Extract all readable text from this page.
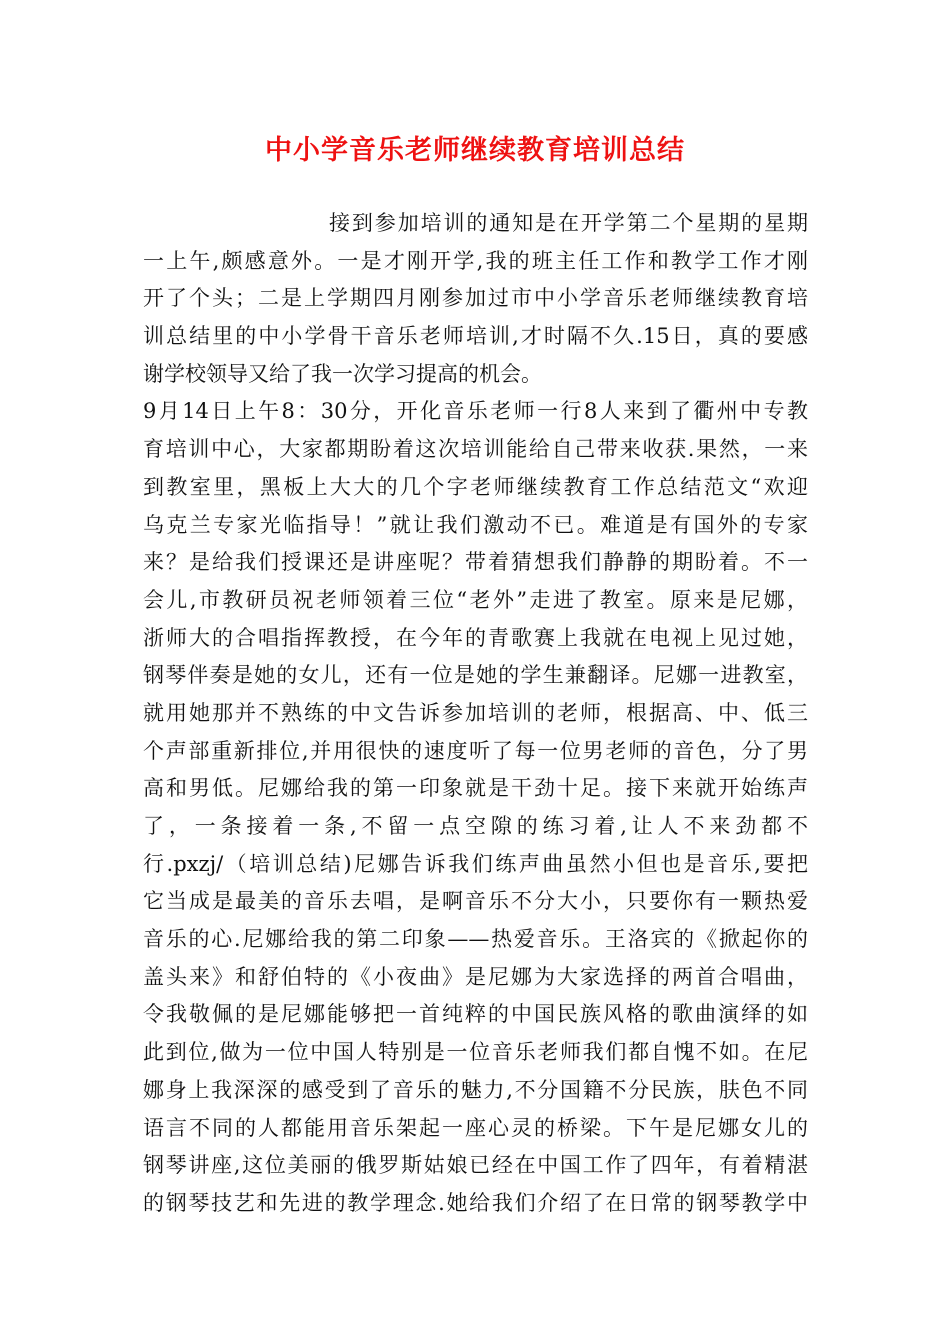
中小学音乐老师继续教育培训总结
接到参加培训的通知是在开学第二个星期的星期
一上午,颇感意外。一是才刚开学,我的班主任工作和教学工作才刚
开了个头；二是上学期四月刚参加过市中小学音乐老师继续教育培
训总结里的中小学骨干音乐老师培训,才时隔不久.15日，真的要感
谢学校领导又给了我一次学习提高的机会。
9月14日上午8：30分，开化音乐老师一行8人来到了衢州中专教
育培训中心，大家都期盼着这次培训能给自己带来收获.果然，一来
到教室里，黑板上大大的几个字老师继续教育工作总结范文“欢迎
乌克兰专家光临指导！”就让我们激动不已。难道是有国外的专家
来？是给我们授课还是讲座呢？带着猜想我们静静的期盼着。不一
会儿,市教研员祝老师领着三位“老外”走进了教室。原来是尼娜，
浙师大的合唱指挥教授，在今年的青歌赛上我就在电视上见过她，
钢琴伴奏是她的女儿，还有一位是她的学生兼翻译。尼娜一进教室，
就用她那并不熟练的中文告诉参加培训的老师，根据高、中、低三
个声部重新排位,并用很快的速度听了每一位男老师的音色，分了男
高和男低。尼娜给我的第一印象就是干劲十足。接下来就开始练声
了，一条接着一条,不留一点空隙的练习着,让人不来劲都不
行.pxzj/（培训总结)尼娜告诉我们练声曲虽然小但也是音乐,要把
它当成是最美的音乐去唱，是啊音乐不分大小，只要你有一颗热爱
音乐的心.尼娜给我的第二印象——热爱音乐。王洛宾的《掀起你的
盖头来》和舒伯特的《小夜曲》是尼娜为大家选择的两首合唱曲，
令我敬佩的是尼娜能够把一首纯粹的中国民族风格的歌曲演绎的如
此到位,做为一位中国人特别是一位音乐老师我们都自愧不如。在尼
娜身上我深深的感受到了音乐的魅力,不分国籍不分民族，肤色不同
语言不同的人都能用音乐架起一座心灵的桥梁。下午是尼娜女儿的
钢琴讲座,这位美丽的俄罗斯姑娘已经在中国工作了四年，有着精湛
的钢琴技艺和先进的教学理念.她给我们介绍了在日常的钢琴教学中
